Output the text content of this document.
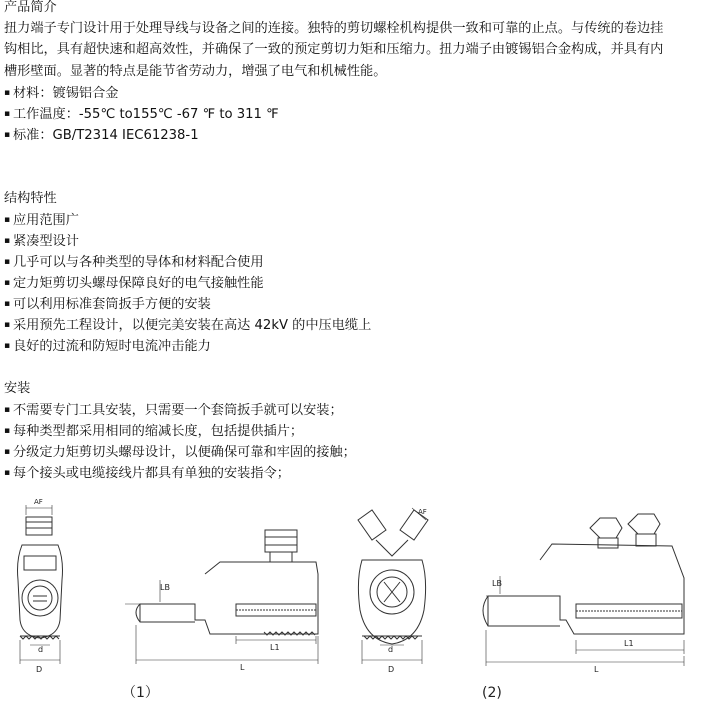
产品简介
扭力端子专门设计用于处理导线与设备之间的连接。独特的剪切螺栓机构提供一致和可靠的止点。与传统的卷边挂
钩相比，具有超快速和超高效性，并确保了一致的预定剪切力矩和压缩力。扭力端子由镀锡铝合金构成，并具有内
槽形壁面。显著的特点是能节省劳动力，增强了电气和机械性能。
▪ 材料：镀锡铝合金
▪ 工作温度：-55℃ to155℃ -67 ℉ to 311 ℉
▪ 标准：GB/T2314 IEC61238-1
结构特性
▪ 应用范围广
▪ 紧凑型设计
▪ 几乎可以与各种类型的导体和材料配合使用
▪ 定力矩剪切头螺母保障良好的电气接触性能
▪ 可以利用标准套筒扳手方便的安装
▪ 采用预先工程设计，以便完美安装在高达 42kV 的中压电缆上
▪ 良好的过流和防短时电流冲击能力
安装
▪ 不需要专门工具安装，只需要一个套筒扳手就可以安装；
▪ 每种类型都采用相同的缩减长度，包括提供插片；
▪ 分级定力矩剪切头螺母设计，以便确保可靠和牢固的接触；
▪ 每个接头或电缆接线片都具有单独的安装指令；
AF
d
D
LB
L1
L
AF
d
D
LB
L1
L
（1）	(2)
